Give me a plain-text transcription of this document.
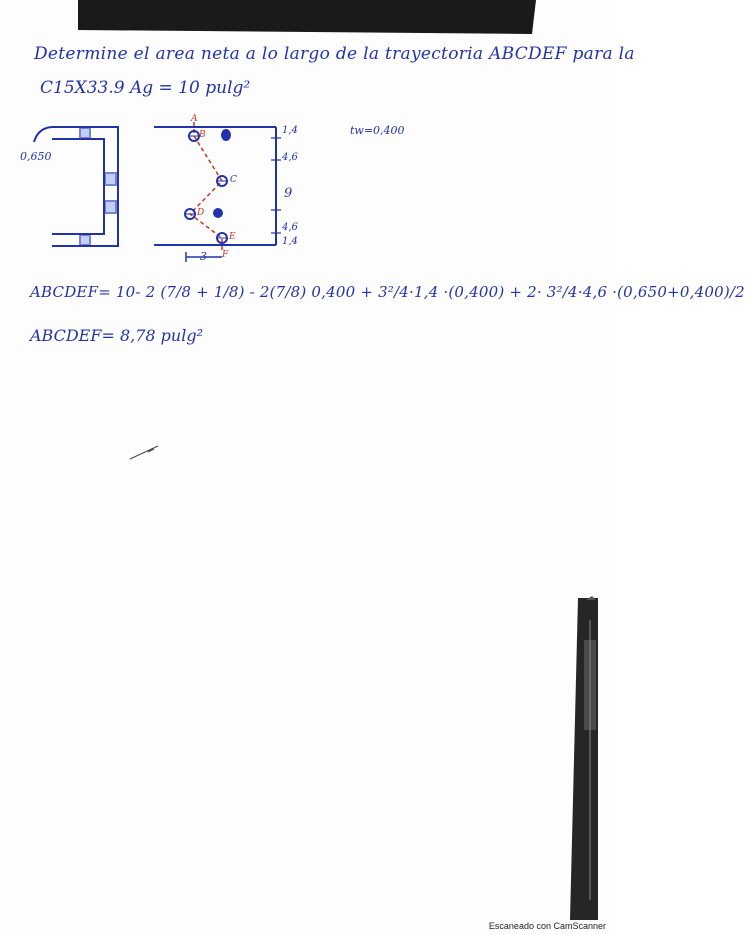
Determine el area neta a lo largo de la trayectoria ABCDEF para la
C15X33.9 Ag = 10 pulg²
0,650
tw=0,400
1,4
4,6
9
4,6
1,4
3
A
B
C
D
E
F
ABCDEF= 10- 2 (7/8 + 1/8) - 2(7/8) 0,400 + 3²/4·1,4 ·(0,400) + 2· 3²/4·4,6 ·(0,650+0,400)/2
ABCDEF= 8,78 pulg²
Escaneado con CamScanner
